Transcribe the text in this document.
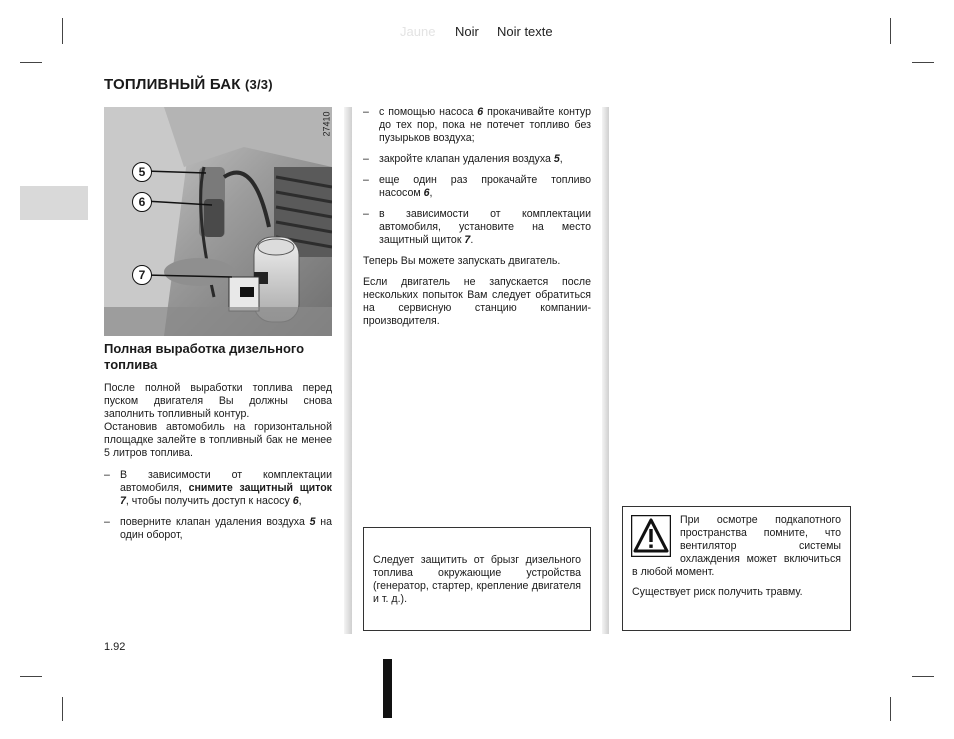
Jaune Noir Noir texte
ТОПЛИВНЫЙ БАК (3/3)
27410
5
6
7
Полная выработка дизельного топлива

После полной выработки топлива перед пуском двигателя Вы должны снова заполнить топливный контур.
Остановив автомобиль на горизонтальной площадке залейте в топливный бак не менее 5 литров топлива.

– В зависимости от комплектации автомобиля, снимите защитный щиток 7, чтобы получить доступ к насосу 6,
– поверните клапан удаления воздуха 5 на один оборот,
1.92
– с помощью насоса 6 прокачивайте контур до тех пор, пока не потечет топливо без пузырьков воздуха;
– закройте клапан удаления воздуха 5,
– еще один раз прокачайте топливо насосом 6,
– в зависимости от комплектации автомобиля, установите на место защитный щиток 7.

Теперь Вы можете запускать двигатель.

Если двигатель не запускается после нескольких попыток Вам следует обратиться на сервисную станцию компании-производителя.

Следует защитить от брызг дизельного топлива окружающие устройства (генератор, стартер, крепление двигателя и т. д.).

При осмотре подкапотного пространства помните, что вентилятор системы охлаждения может включиться в любой момент.

Существует риск получить травму.
